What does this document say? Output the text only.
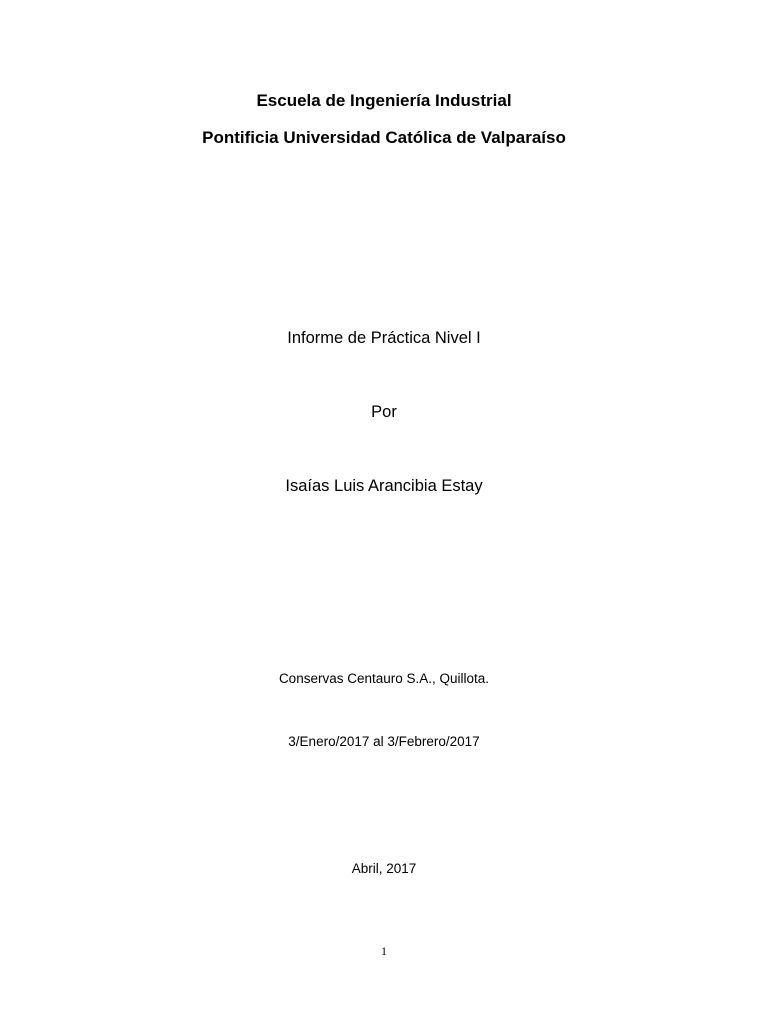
Escuela de Ingeniería Industrial
Pontificia Universidad Católica de Valparaíso
Informe de Práctica Nivel I
Por
Isaías Luis Arancibia Estay
Conservas Centauro S.A., Quillota.
3/Enero/2017 al 3/Febrero/2017
Abril, 2017
1
